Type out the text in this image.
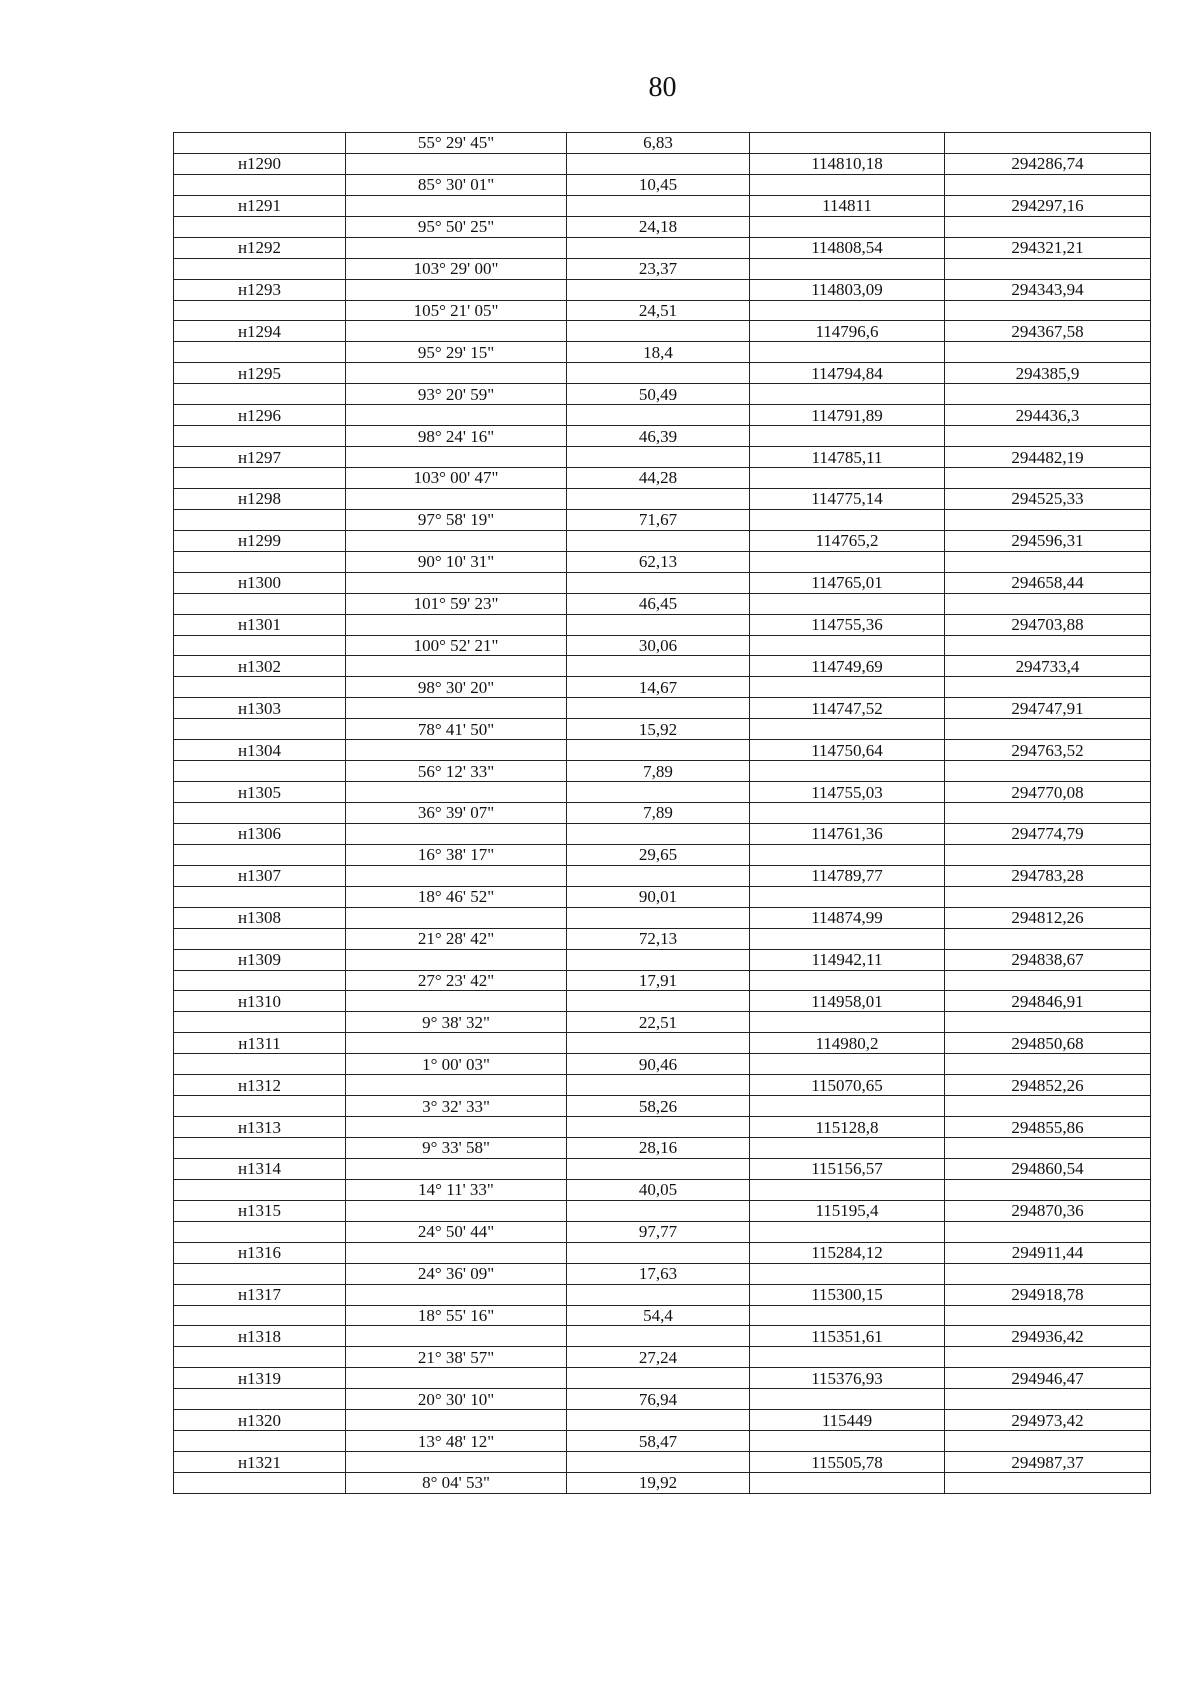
80
	55° 29' 45"	6,83		
н1290			114810,18	294286,74
	85° 30' 01"	10,45		
н1291			114811	294297,16
	95° 50' 25"	24,18		
н1292			114808,54	294321,21
	103° 29' 00"	23,37		
н1293			114803,09	294343,94
	105° 21' 05"	24,51		
н1294			114796,6	294367,58
	95° 29' 15"	18,4		
н1295			114794,84	294385,9
	93° 20' 59"	50,49		
н1296			114791,89	294436,3
	98° 24' 16"	46,39		
н1297			114785,11	294482,19
	103° 00' 47"	44,28		
н1298			114775,14	294525,33
	97° 58' 19"	71,67		
н1299			114765,2	294596,31
	90° 10' 31"	62,13		
н1300			114765,01	294658,44
	101° 59' 23"	46,45		
н1301			114755,36	294703,88
	100° 52' 21"	30,06		
н1302			114749,69	294733,4
	98° 30' 20"	14,67		
н1303			114747,52	294747,91
	78° 41' 50"	15,92		
н1304			114750,64	294763,52
	56° 12' 33"	7,89		
н1305			114755,03	294770,08
	36° 39' 07"	7,89		
н1306			114761,36	294774,79
	16° 38' 17"	29,65		
н1307			114789,77	294783,28
	18° 46' 52"	90,01		
н1308			114874,99	294812,26
	21° 28' 42"	72,13		
н1309			114942,11	294838,67
	27° 23' 42"	17,91		
н1310			114958,01	294846,91
	9° 38' 32"	22,51		
н1311			114980,2	294850,68
	1° 00' 03"	90,46		
н1312			115070,65	294852,26
	3° 32' 33"	58,26		
н1313			115128,8	294855,86
	9° 33' 58"	28,16		
н1314			115156,57	294860,54
	14° 11' 33"	40,05		
н1315			115195,4	294870,36
	24° 50' 44"	97,77		
н1316			115284,12	294911,44
	24° 36' 09"	17,63		
н1317			115300,15	294918,78
	18° 55' 16"	54,4		
н1318			115351,61	294936,42
	21° 38' 57"	27,24		
н1319			115376,93	294946,47
	20° 30' 10"	76,94		
н1320			115449	294973,42
	13° 48' 12"	58,47		
н1321			115505,78	294987,37
	8° 04' 53"	19,92		
